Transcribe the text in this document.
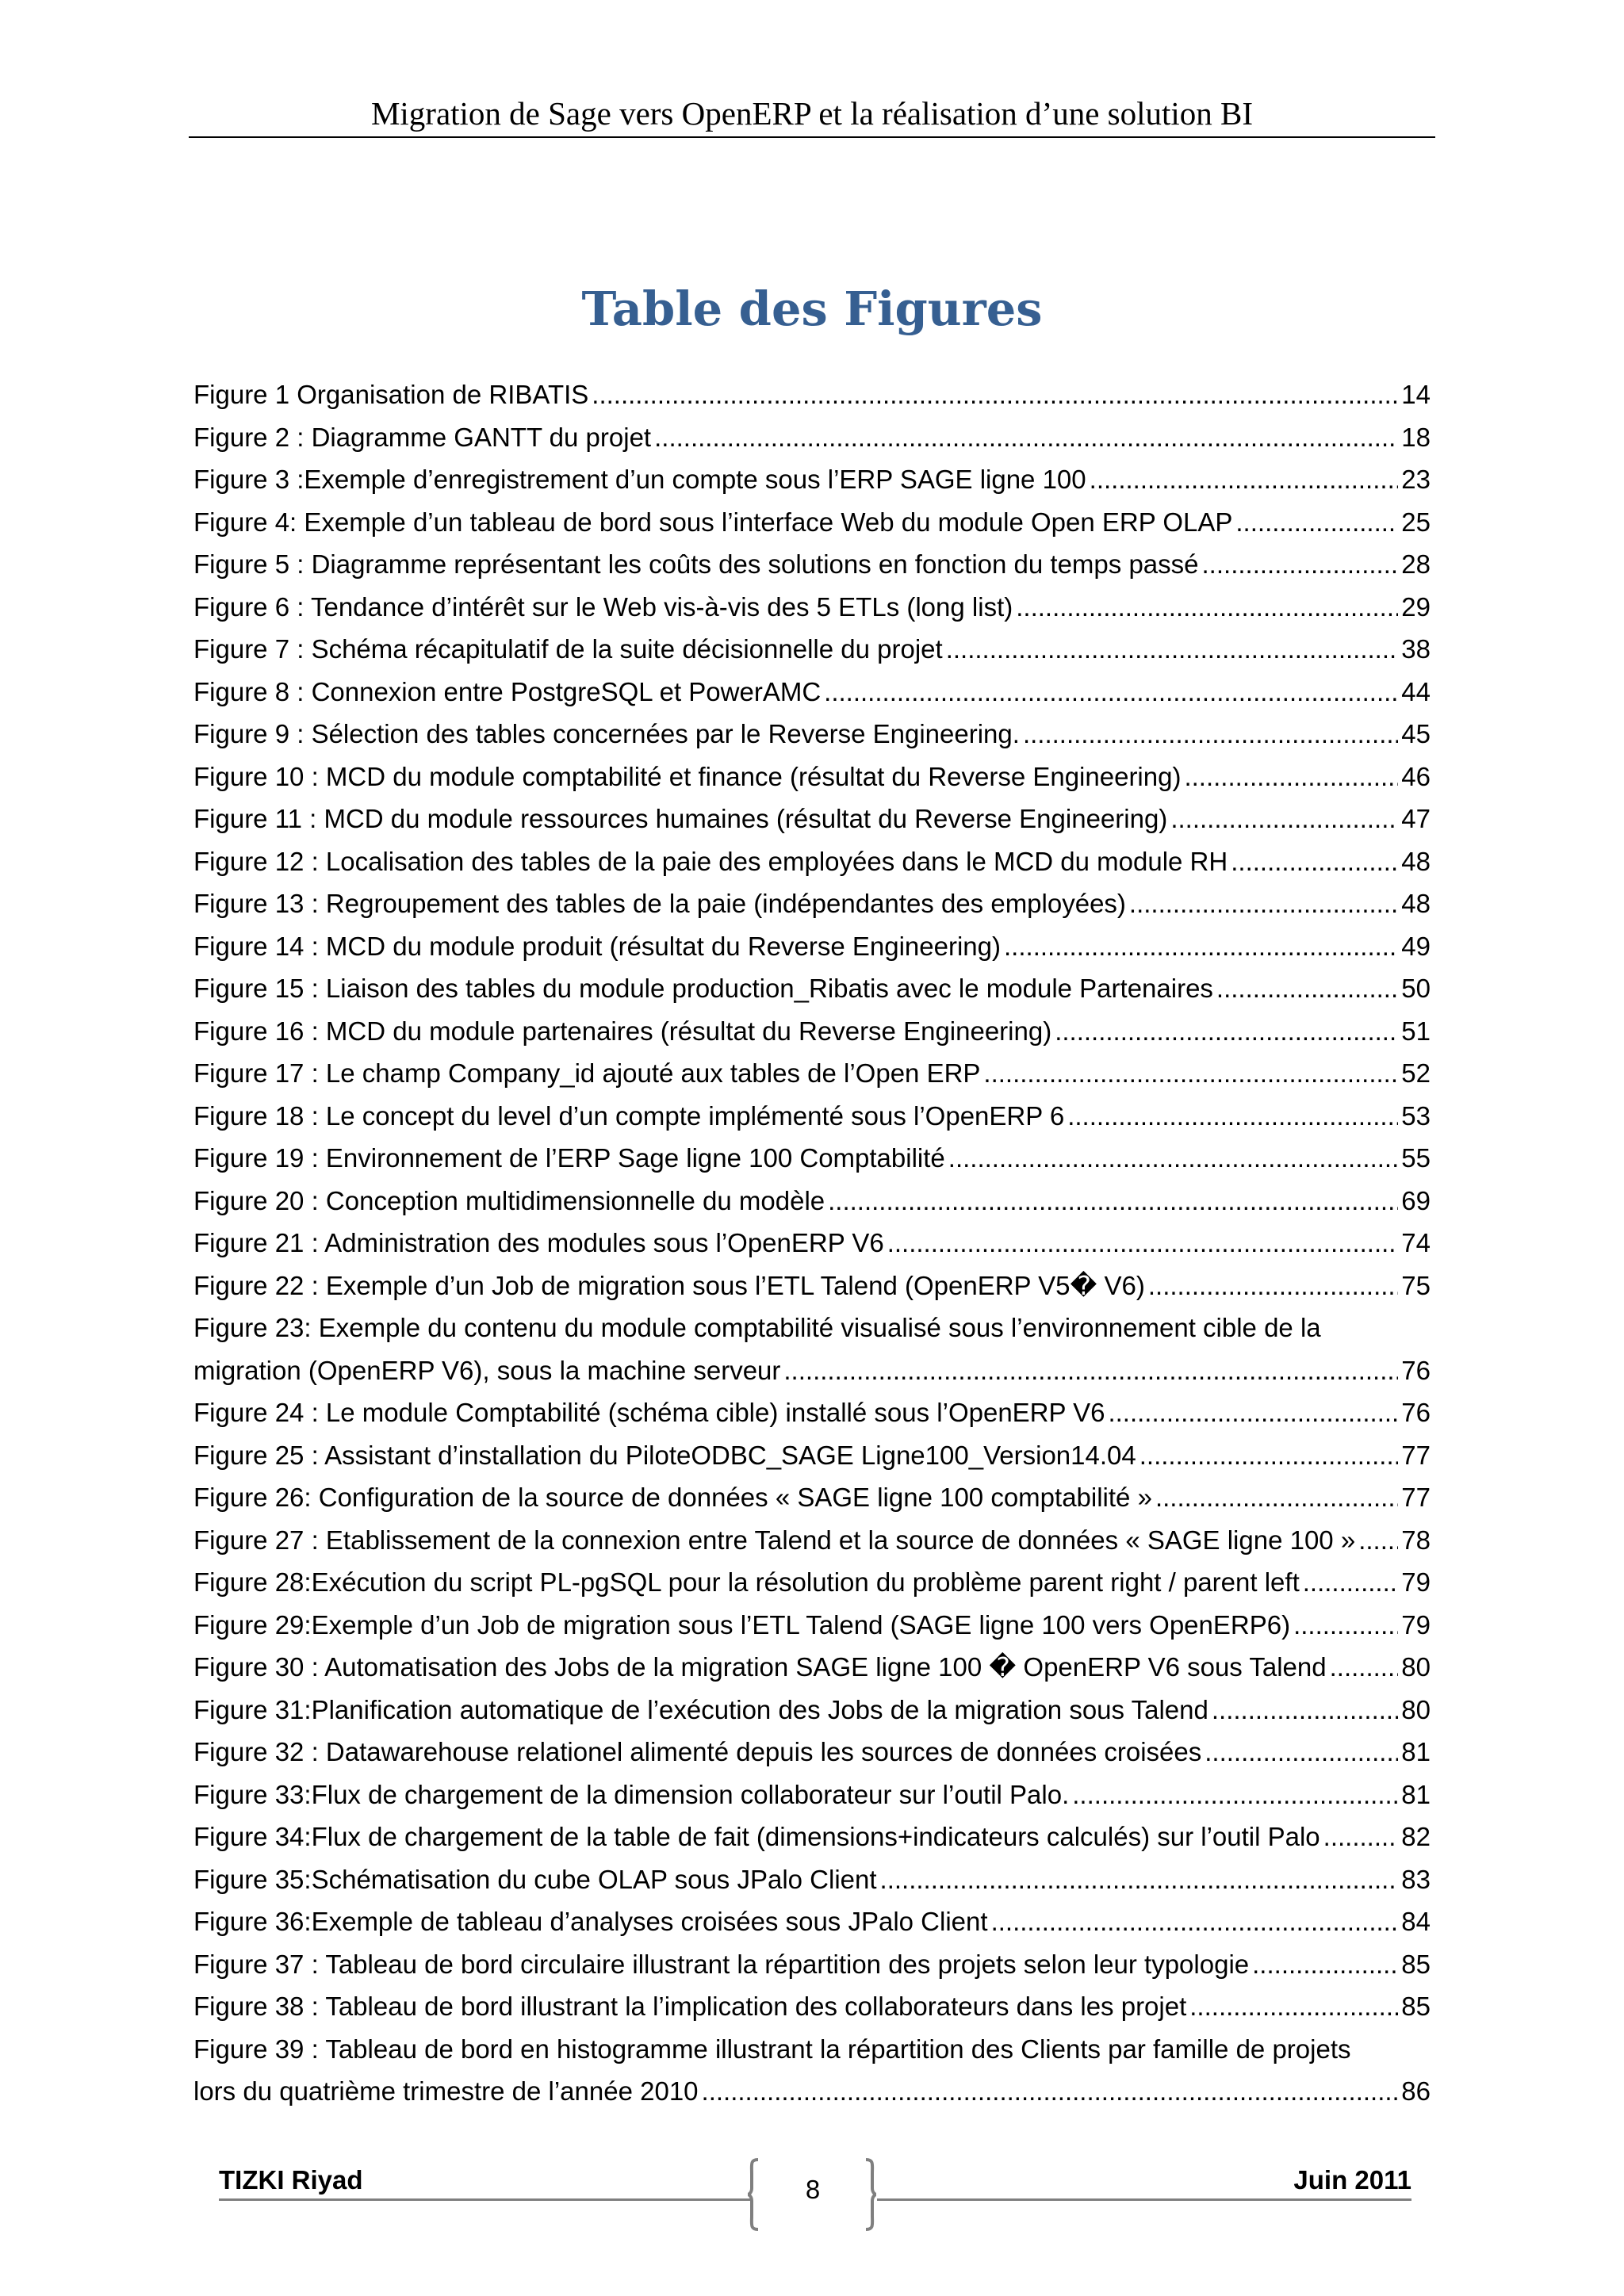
Migration de Sage vers OpenERP et la réalisation d’une solution BI
Table des Figures
Figure 1 Organisation de RIBATIS .....	14
Figure 2 : Diagramme GANTT du projet .....	18
Figure 3 :Exemple d’enregistrement d’un compte sous l’ERP SAGE ligne 100 .....	23
Figure 4: Exemple d’un tableau de bord sous l’interface Web du module Open ERP OLAP .....	25
Figure 5 : Diagramme représentant les coûts des solutions en fonction du temps passé .....	28
Figure 6 : Tendance d’intérêt sur le Web vis-à-vis des 5 ETLs (long list) .....	29
Figure 7 : Schéma récapitulatif de la suite décisionnelle du projet .....	38
Figure 8 : Connexion entre PostgreSQL et PowerAMC .....	44
Figure 9 : Sélection des tables concernées par le Reverse Engineering. .....	45
Figure 10 : MCD du module comptabilité et finance (résultat du Reverse Engineering) .....	46
Figure 11 : MCD du module ressources humaines (résultat du Reverse Engineering) .....	47
Figure 12 : Localisation des tables de la paie des employées dans le MCD du module RH .....	48
Figure 13 : Regroupement des tables de la paie (indépendantes des employées) .....	48
Figure 14 : MCD du module produit (résultat du Reverse Engineering) .....	49
Figure 15 : Liaison des tables du module production_Ribatis avec le module Partenaires .....	50
Figure 16 : MCD du module partenaires (résultat du Reverse Engineering) .....	51
Figure 17 : Le champ Company_id ajouté aux tables de l’Open ERP .....	52
Figure 18 : Le concept du level d’un compte implémenté sous l’OpenERP 6 .....	53
Figure 19 : Environnement de l’ERP Sage ligne 100 Comptabilité .....	55
Figure 20 : Conception multidimensionnelle du modèle .....	69
Figure 21 : Administration des modules sous l’OpenERP V6 .....	74
Figure 22 : Exemple d’un Job de migration sous l’ETL Talend (OpenERP V5� V6) .....	75
Figure 23: Exemple du contenu du module comptabilité visualisé sous l’environnement cible de la
migration (OpenERP V6), sous la machine serveur .....	76
Figure 24 : Le module Comptabilité (schéma cible) installé sous l’OpenERP V6 .....	76
Figure 25 : Assistant d’installation du PiloteODBC_SAGE Ligne100_Version14.04 .....	77
Figure 26: Configuration de la source de données « SAGE ligne 100 comptabilité » .....	77
Figure 27 : Etablissement de la connexion entre Talend et la source de données « SAGE ligne 100 » ..... 78
Figure 28:Exécution du script PL-pgSQL pour la résolution du problème parent right / parent left .....	79
Figure 29:Exemple d’un Job de migration sous l’ETL Talend (SAGE ligne 100 vers OpenERP6) .....	79
Figure 30 : Automatisation des Jobs de la migration SAGE ligne 100 � OpenERP V6 sous Talend .....	80
Figure 31:Planification automatique de l’exécution des Jobs de la migration sous Talend .....	80
Figure 32 : Datawarehouse relationel alimenté depuis les sources de données croisées .....	81
Figure 33:Flux de chargement de la dimension collaborateur sur l’outil Palo. .....	81
Figure 34:Flux de chargement de la table de fait (dimensions+indicateurs calculés) sur l’outil Palo .....	82
Figure 35:Schématisation du cube OLAP sous JPalo Client .....	83
Figure 36:Exemple de tableau d’analyses croisées sous JPalo Client .....	84
Figure 37 : Tableau de bord circulaire illustrant la répartition des projets selon leur typologie .....	85
Figure 38 : Tableau de bord illustrant la l’implication des collaborateurs dans les projet .....	85
Figure 39 : Tableau de bord en histogramme illustrant la répartition des Clients par famille de projets
lors du quatrième trimestre de l’année 2010 .....	86
TIZKI Riyad	Juin 2011
8
